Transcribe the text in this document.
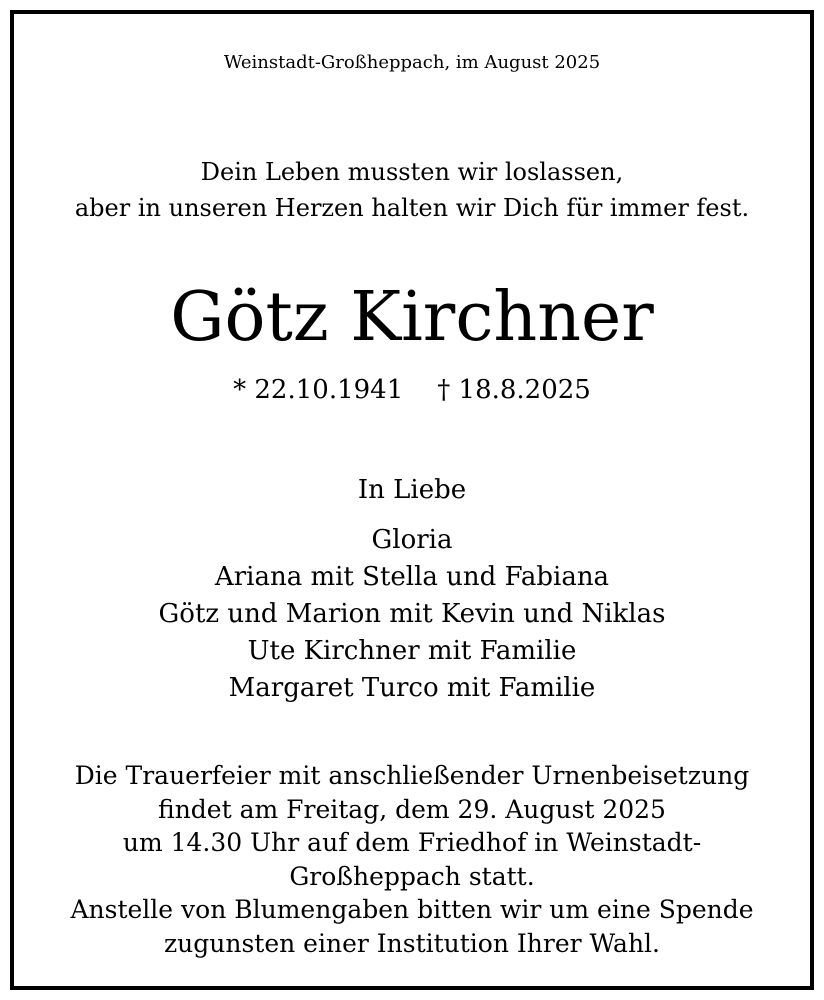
Weinstadt-Großheppach, im August 2025
Dein Leben mussten wir loslassen,
aber in unseren Herzen halten wir Dich für immer fest.
Götz Kirchner
* 22.10.1941 † 18.8.2025
In Liebe
Gloria
Ariana mit Stella und Fabiana
Götz und Marion mit Kevin und Niklas
Ute Kirchner mit Familie
Margaret Turco mit Familie
Die Trauerfeier mit anschließender Urnenbeisetzung
findet am Freitag, dem 29. August 2025
um 14.30 Uhr auf dem Friedhof in Weinstadt-
Großheppach statt.
Anstelle von Blumengaben bitten wir um eine Spende
zugunsten einer Institution Ihrer Wahl.
